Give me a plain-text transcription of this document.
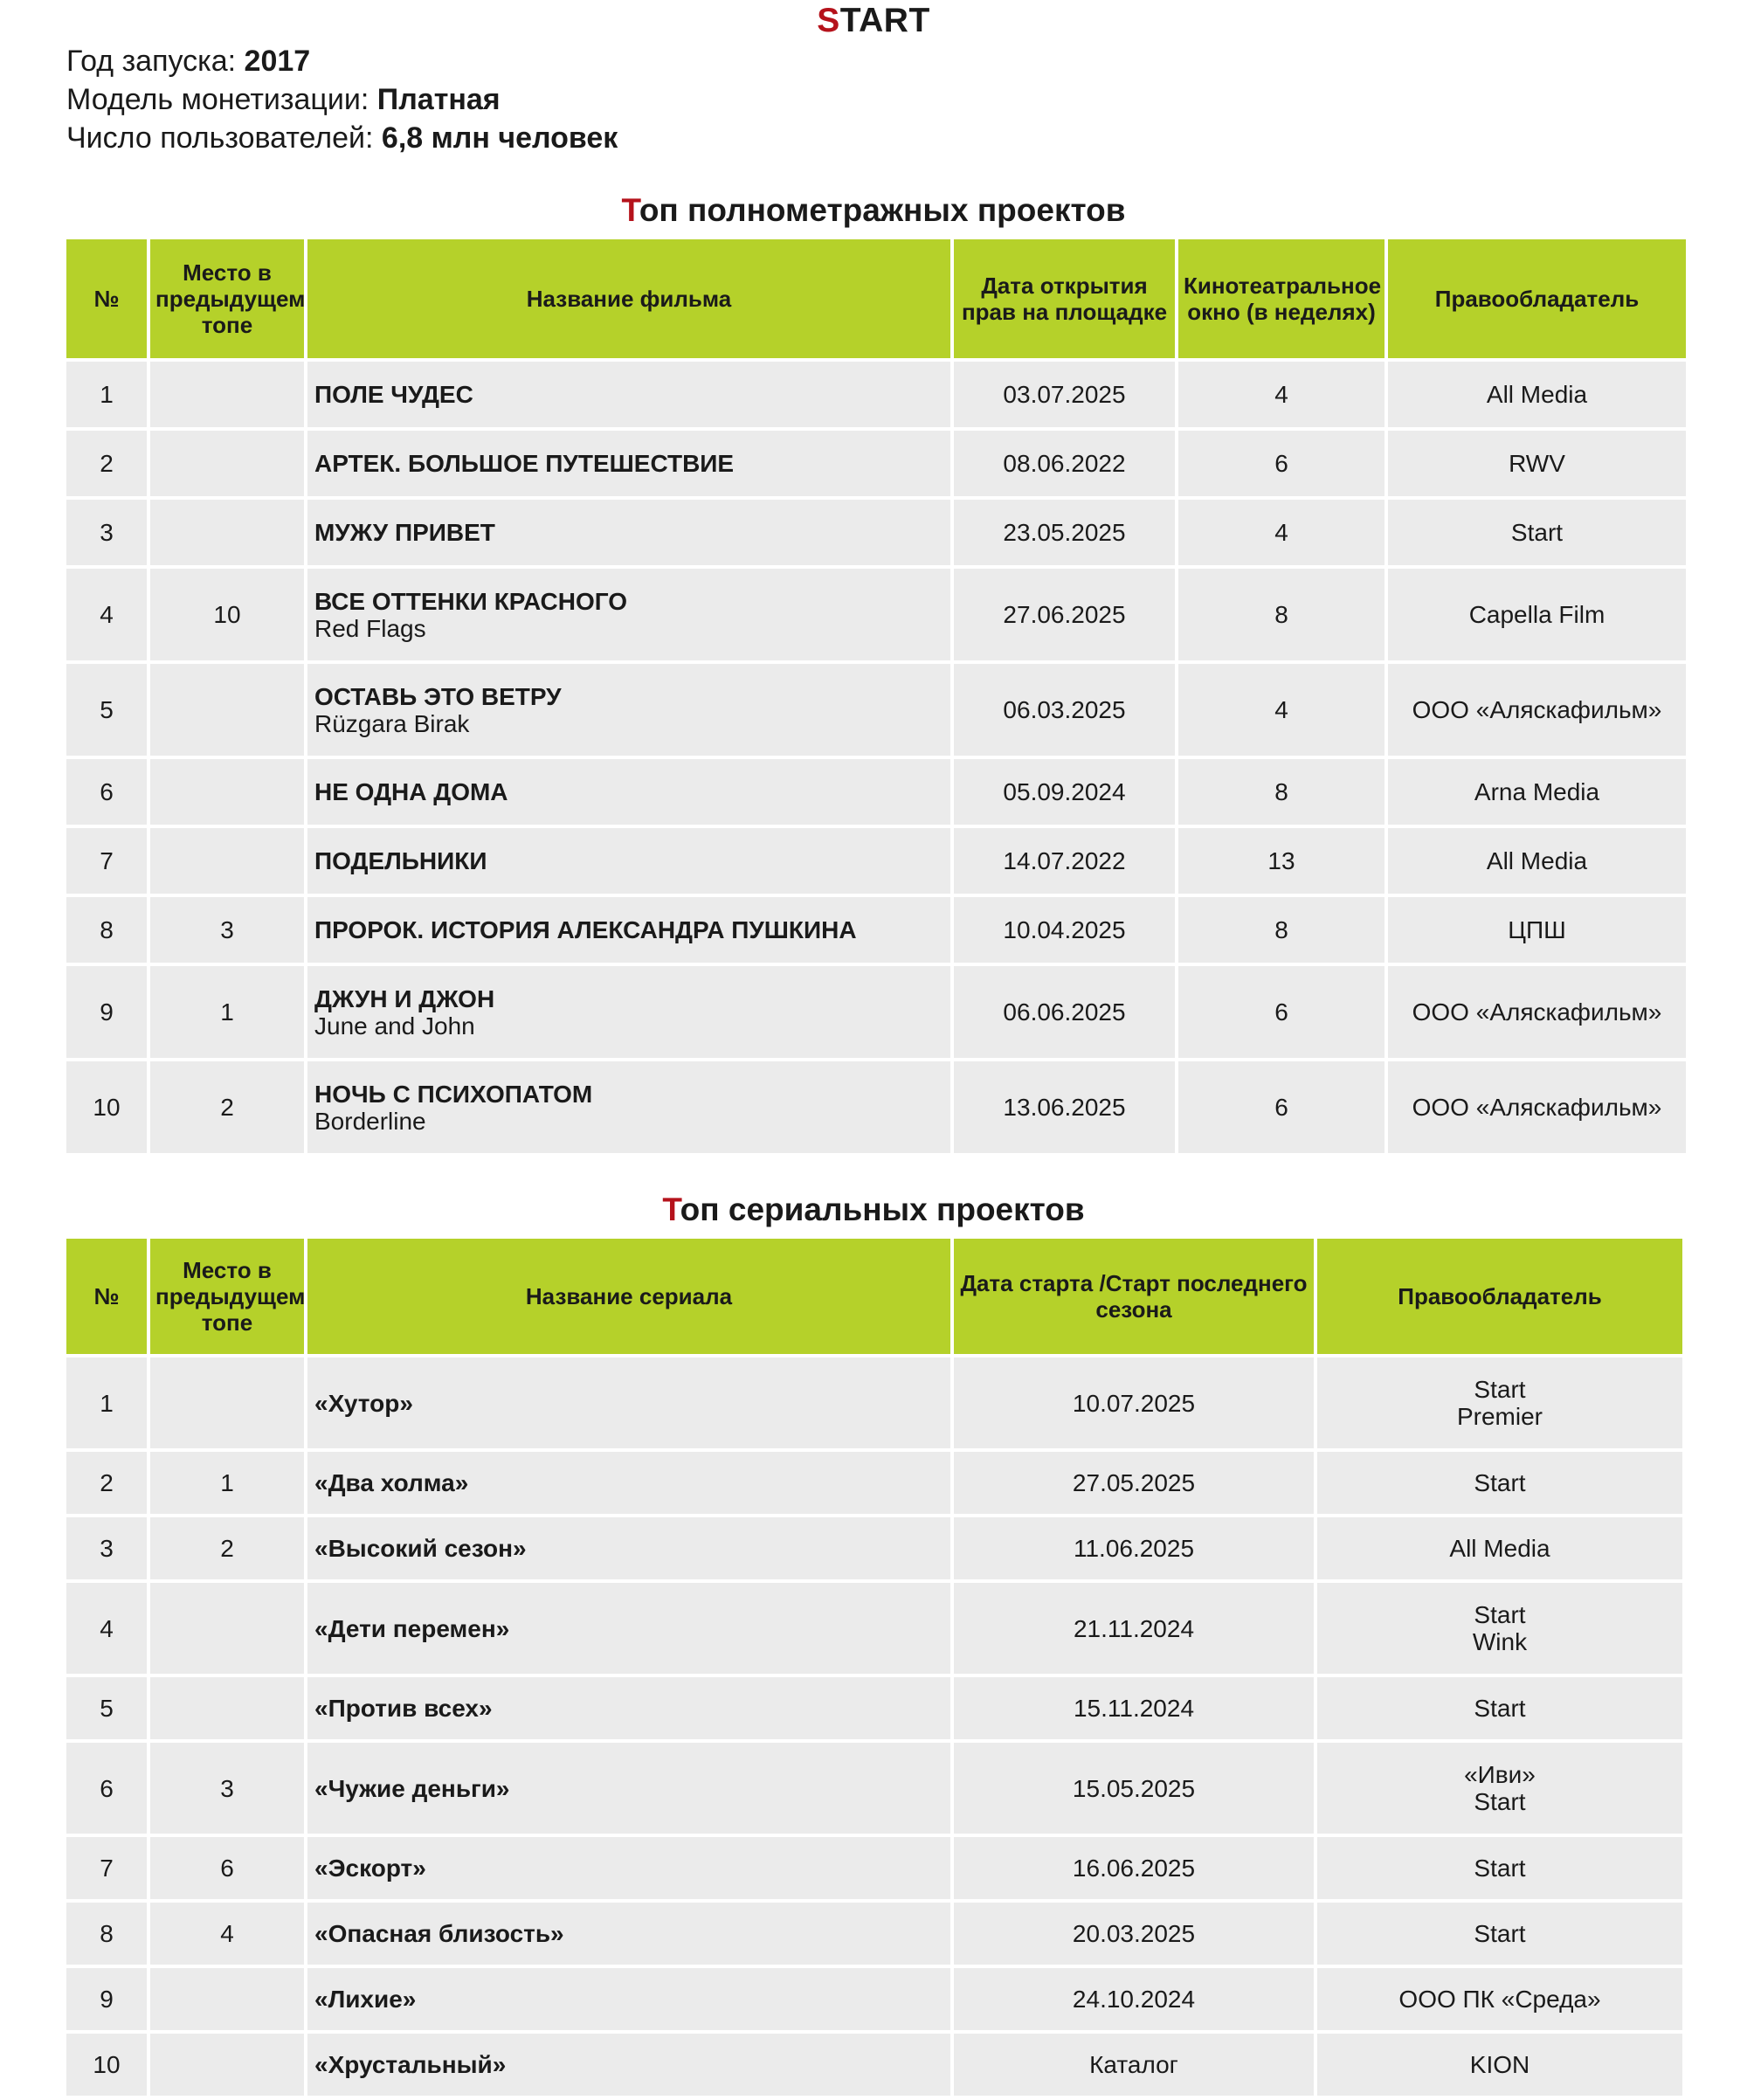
START
Год запуска: 2017
Модель монетизации: Платная
Число пользователей: 6,8 млн человек
Топ полнометражных проектов
№	Место в предыдущем топе	Название фильма	Дата открытия прав на площадке	Кинотеатральное окно (в неделях)	Правообладатель
1		ПОЛЕ ЧУДЕС	03.07.2025	4	All Media
2		АРТЕК. БОЛЬШОЕ ПУТЕШЕСТВИЕ	08.06.2022	6	RWV
3		МУЖУ ПРИВЕТ	23.05.2025	4	Start
4	10	ВСЕ ОТТЕНКИ КРАСНОГО
Red Flags	27.06.2025	8	Capella Film
5		ОСТАВЬ ЭТО ВЕТРУ
Rüzgara Birak	06.03.2025	4	ООО «Аляскафильм»
6		НЕ ОДНА ДОМА	05.09.2024	8	Arna Media
7		ПОДЕЛЬНИКИ	14.07.2022	13	All Media
8	3	ПРОРОК. ИСТОРИЯ АЛЕКСАНДРА ПУШКИНА	10.04.2025	8	ЦПШ
9	1	ДЖУН И ДЖОН
June and John	06.06.2025	6	ООО «Аляскафильм»
10	2	НОЧЬ С ПСИХОПАТОМ
Borderline	13.06.2025	6	ООО «Аляскафильм»
Топ сериальных проектов
№	Место в предыдущем топе	Название сериала	Дата старта /Старт последнего сезона	Правообладатель
1		«Хутор»	10.07.2025	Start
Premier

2	1	«Два холма»	27.05.2025	Start

3	2	«Высокий сезон»	11.06.2025	All Media

4		«Дети перемен»	21.11.2024	Start
Wink

5		«Против всех»	15.11.2024	Start

6	3	«Чужие деньги»	15.05.2025	«Иви»
Start

7	6	«Эскорт»	16.06.2025	Start

8	4	«Опасная близость»	20.03.2025	Start

9		«Лихие»	24.10.2024	ООО ПК «Среда»

10		«Хрустальный»	Каталог	KION
